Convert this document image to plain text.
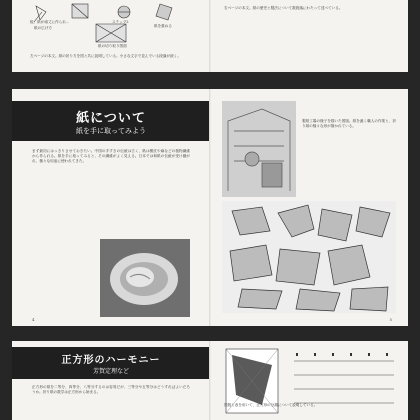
板、紙が頑丈に作られ...
紙の広げ方
ステップ2
紙を重ねる
紙の切り取り図面
左ページの本文。紙の折り方を図と共に説明している。小さな文字で並んでいる段落が続く。
右ページの本文。紙の歴史と製法について数段落にわたって述べている。
紙について
紙を手に取ってみよう
まず最初にはっきりさせておきたい。中国の手すきの伝統は古く、紙は樹皮や麻などの植物繊維から作られる。紙を手に取ってみると、その繊維がよく見える。日本では和紙の伝統が受け継がれ、様々な用途に使われてきた。
4
製紙工場の様子を描いた図版。紙を漉く職人の作業と、折り紙の様々な形が描かれている。
5
正方形のハーモニー
芳賀定理など
正方形の紙を二等分、四等分、八等分するのは容易だが、三等分や五等分はどうすればよいだろうか。折り紙の数学は正方形から始まる。
図版と表を用いて、正方形の分割について説明している。
